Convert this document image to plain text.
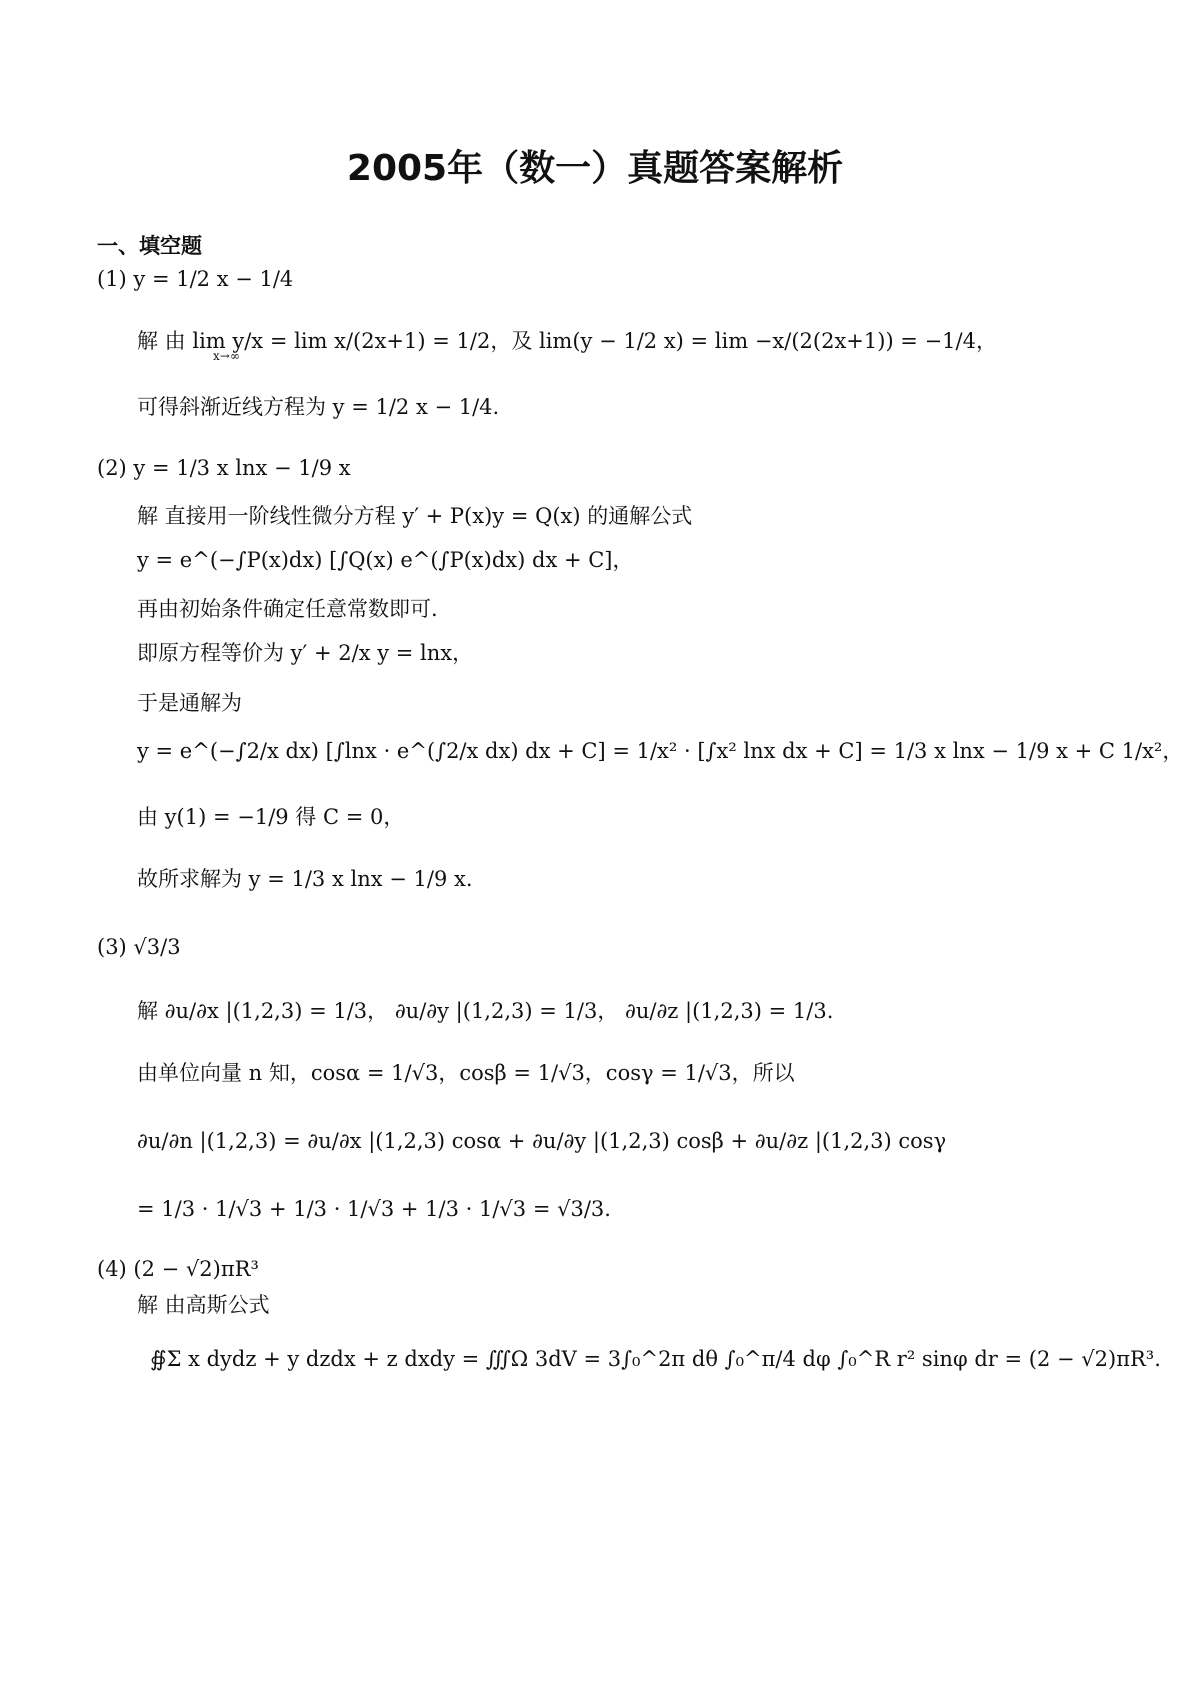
2005年（数一）真题答案解析
一、填空题
(1) y = 1/2 x − 1/4
解 由 lim y/x = lim x/(2x+1) = 1/2，及 lim(y − 1/2 x) = lim −x/(2(2x+1)) = −1/4，
x→∞
可得斜渐近线方程为 y = 1/2 x − 1/4.
(2) y = 1/3 x lnx − 1/9 x
解 直接用一阶线性微分方程 y′ + P(x)y = Q(x) 的通解公式
y = e^(−∫P(x)dx) [∫Q(x) e^(∫P(x)dx) dx + C]，
再由初始条件确定任意常数即可.
即原方程等价为 y′ + 2/x y = lnx，
于是通解为
y = e^(−∫2/x dx) [∫lnx · e^(∫2/x dx) dx + C] = 1/x² · [∫x² lnx dx + C] = 1/3 x lnx − 1/9 x + C 1/x²，
由 y(1) = −1/9 得 C = 0，
故所求解为 y = 1/3 x lnx − 1/9 x.
(3) √3/3
解 ∂u/∂x |(1,2,3) = 1/3， ∂u/∂y |(1,2,3) = 1/3， ∂u/∂z |(1,2,3) = 1/3.
由单位向量 n 知，cosα = 1/√3，cosβ = 1/√3，cosγ = 1/√3，所以
∂u/∂n |(1,2,3) = ∂u/∂x |(1,2,3) cosα + ∂u/∂y |(1,2,3) cosβ + ∂u/∂z |(1,2,3) cosγ
= 1/3 · 1/√3 + 1/3 · 1/√3 + 1/3 · 1/√3 = √3/3.
(4) (2 − √2)πR³
解 由高斯公式
∯Σ x dydz + y dzdx + z dxdy = ∭Ω 3dV = 3∫₀^2π dθ ∫₀^π/4 dφ ∫₀^R r² sinφ dr = (2 − √2)πR³.
